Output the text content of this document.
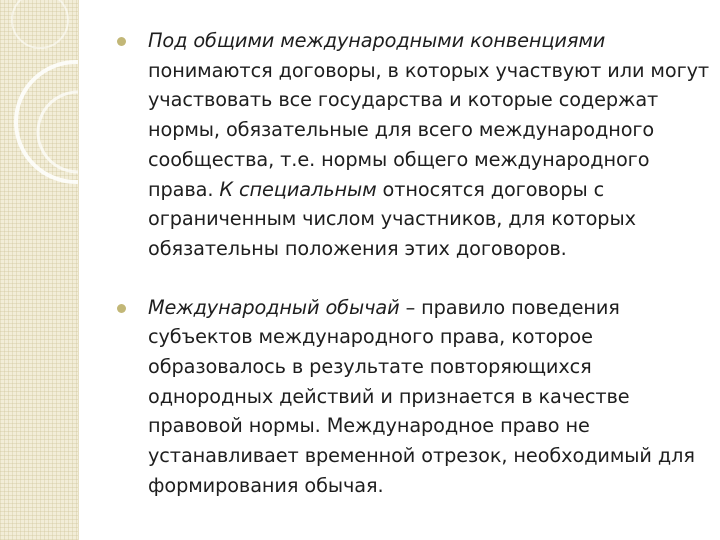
Под общими международными конвенциями понимаются договоры, в которых участвуют или могут участвовать все государства и которые содержат нормы, обязательные для всего международного сообщества, т.е. нормы общего международного права. К специальным относятся договоры с ограниченным числом участников, для которых обязательны положения этих договоров.
Международный обычай – правило поведения субъектов международного права, которое образовалось в результате повторяющихся однородных действий и признается в качестве правовой нормы. Международное право не устанавливает временной отрезок, необходимый для формирования обычая.
